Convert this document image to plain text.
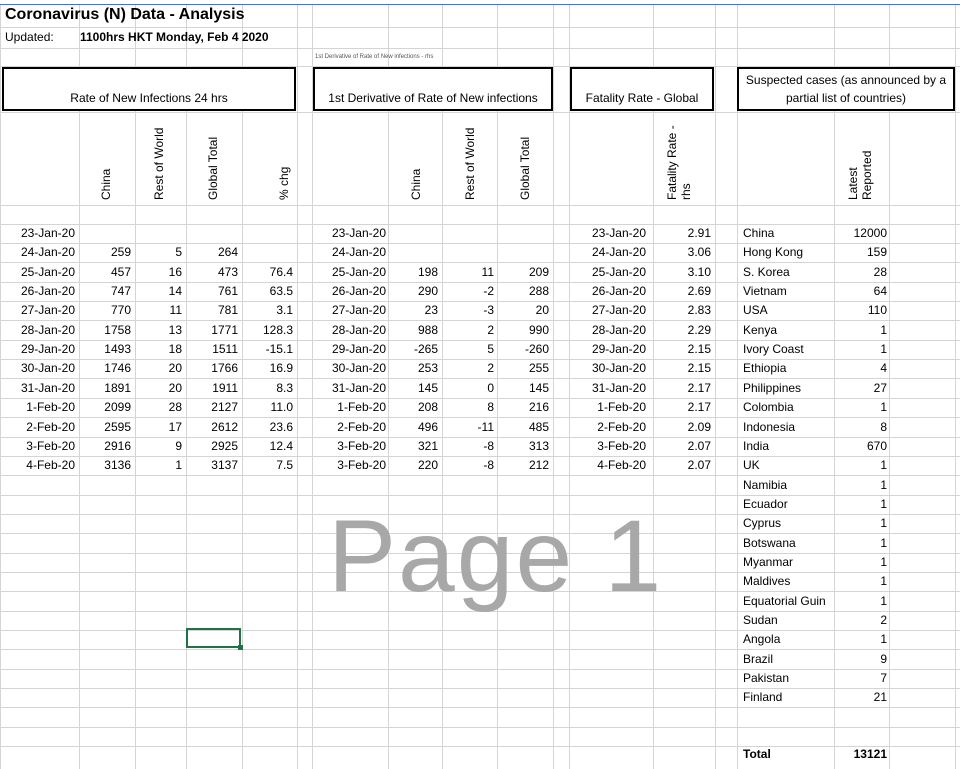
Coronavirus (N) Data - Analysis
Updated: 1100hrs HKT Monday, Feb 4 2020
1st Derivative of Rate of New infections - rhs
Rate of New Infections 24 hrs	1st Derivative of Rate of New infections	Fatality Rate - Global
Suspected cases (as announced by a partial list of countries)
China	Rest of World	Global Total	% chg	China	Rest of World	Global Total	Fatality Rate - rhs	Latest Reported
23-Jan-20
24-Jan-20	259	5	264
25-Jan-20	457	16	473	76.4
26-Jan-20	747	14	761	63.5
27-Jan-20	770	11	781	3.1
28-Jan-20	1758	13	1771	128.3
29-Jan-20	1493	18	1511	-15.1
30-Jan-20	1746	20	1766	16.9
31-Jan-20	1891	20	1911	8.3
1-Feb-20	2099	28	2127	11.0
2-Feb-20	2595	17	2612	23.6
3-Feb-20	2916	9	2925	12.4
4-Feb-20	3136	1	3137	7.5
23-Jan-20
24-Jan-20
25-Jan-20	198	11	209
26-Jan-20	290	-2	288
27-Jan-20	23	-3	20
28-Jan-20	988	2	990
29-Jan-20	-265	5	-260
30-Jan-20	253	2	255
31-Jan-20	145	0	145
1-Feb-20	208	8	216
2-Feb-20	496	-11	485
3-Feb-20	321	-8	313
3-Feb-20	220	-8	212
23-Jan-20	2.91
24-Jan-20	3.06
25-Jan-20	3.10
26-Jan-20	2.69
27-Jan-20	2.83
28-Jan-20	2.29
29-Jan-20	2.15
30-Jan-20	2.15
31-Jan-20	2.17
1-Feb-20	2.17
2-Feb-20	2.09
3-Feb-20	2.07
4-Feb-20	2.07
China	12000
Hong Kong	159
S. Korea	28
Vietnam	64
USA	110
Kenya	1
Ivory Coast	1
Ethiopia	4
Philippines	27
Colombia	1
Indonesia	8
India	670
UK	1
Namibia	1
Ecuador	1
Cyprus	1
Botswana	1
Myanmar	1
Maldives	1
Equatorial Guin	1
Sudan	2
Angola	1
Brazil	9
Pakistan	7
Finland	21
Total	13121
Page 1
